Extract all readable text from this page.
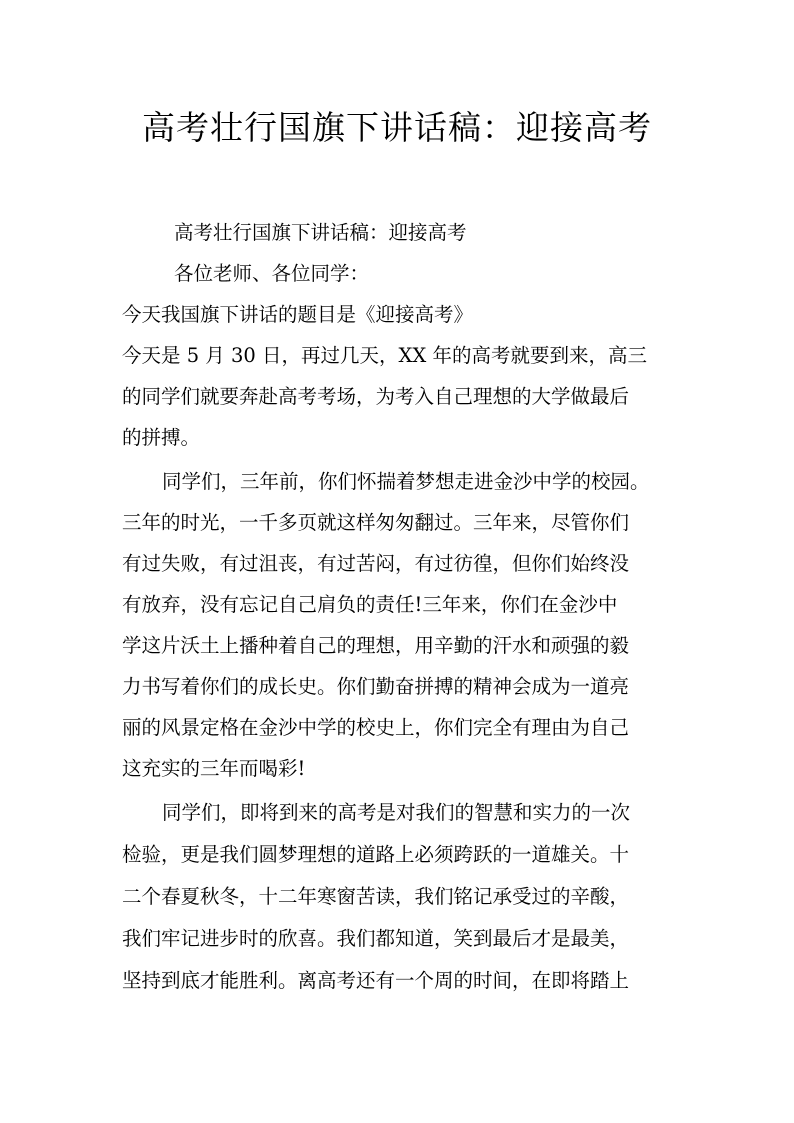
高考壮行国旗下讲话稿：迎接高考
高考壮行国旗下讲话稿：迎接高考
各位老师、各位同学：
今天我国旗下讲话的题目是《迎接高考》
今天是 5 月 30 日，再过几天，XX 年的高考就要到来，高三
的同学们就要奔赴高考考场，为考入自己理想的大学做最后
的拼搏。
同学们，三年前，你们怀揣着梦想走进金沙中学的校园。
三年的时光，一千多页就这样匆匆翻过。三年来，尽管你们
有过失败，有过沮丧，有过苦闷，有过彷徨，但你们始终没
有放弃，没有忘记自己肩负的责任!三年来，你们在金沙中
学这片沃土上播种着自己的理想，用辛勤的汗水和顽强的毅
力书写着你们的成长史。你们勤奋拼搏的精神会成为一道亮
丽的风景定格在金沙中学的校史上，你们完全有理由为自己
这充实的三年而喝彩!
同学们，即将到来的高考是对我们的智慧和实力的一次
检验，更是我们圆梦理想的道路上必须跨跃的一道雄关。十
二个春夏秋冬，十二年寒窗苦读，我们铭记承受过的辛酸，
我们牢记进步时的欣喜。我们都知道，笑到最后才是最美，
坚持到底才能胜利。离高考还有一个周的时间，在即将踏上
